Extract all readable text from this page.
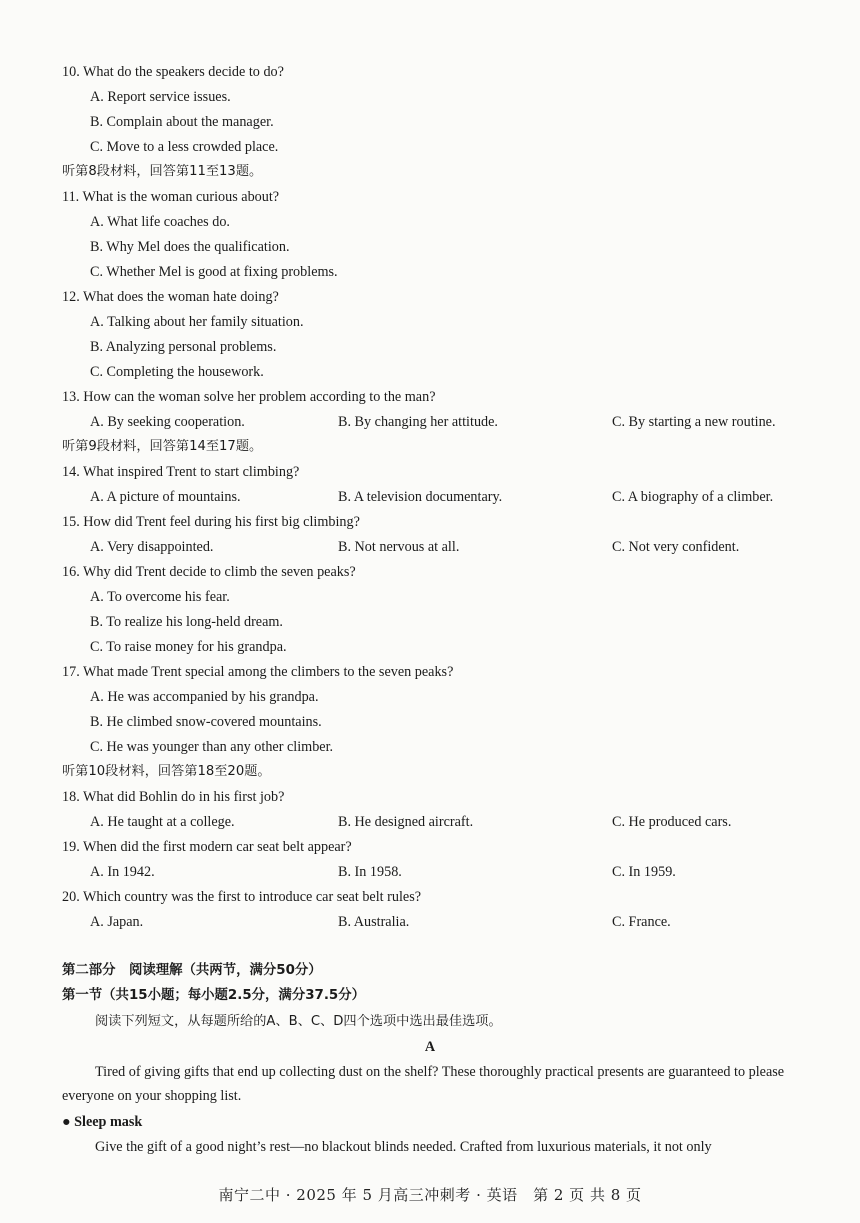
10. What do the speakers decide to do?
A. Report service issues.
B. Complain about the manager.
C. Move to a less crowded place.
听第8段材料，回答第11至13题。
11. What is the woman curious about?
A. What life coaches do.
B. Why Mel does the qualification.
C. Whether Mel is good at fixing problems.
12. What does the woman hate doing?
A. Talking about her family situation.
B. Analyzing personal problems.
C. Completing the housework.
13. How can the woman solve her problem according to the man?
A. By seeking cooperation.	B. By changing her attitude.	C. By starting a new routine.
听第9段材料，回答第14至17题。
14. What inspired Trent to start climbing?
A. A picture of mountains.	B. A television documentary.	C. A biography of a climber.
15. How did Trent feel during his first big climbing?
A. Very disappointed.	B. Not nervous at all.	C. Not very confident.
16. Why did Trent decide to climb the seven peaks?
A. To overcome his fear.
B. To realize his long-held dream.
C. To raise money for his grandpa.
17. What made Trent special among the climbers to the seven peaks?
A. He was accompanied by his grandpa.
B. He climbed snow-covered mountains.
C. He was younger than any other climber.
听第10段材料，回答第18至20题。
18. What did Bohlin do in his first job?
A. He taught at a college.	B. He designed aircraft.	C. He produced cars.
19. When did the first modern car seat belt appear?
A. In 1942.	B. In 1958.	C. In 1959.
20. Which country was the first to introduce car seat belt rules?
A. Japan.	B. Australia.	C. France.
第二部分　阅读理解（共两节，满分50分）
第一节（共15小题；每小题2.5分，满分37.5分）
阅读下列短文，从每题所给的A、B、C、D四个选项中选出最佳选项。
A
Tired of giving gifts that end up collecting dust on the shelf? These thoroughly practical presents are guaranteed to please everyone on your shopping list.
● Sleep mask
Give the gift of a good night’s rest—no blackout blinds needed. Crafted from luxurious materials, it not only
南宁二中 · 2025 年 5 月高三冲刺考 · 英语　第 2 页 共 8 页
